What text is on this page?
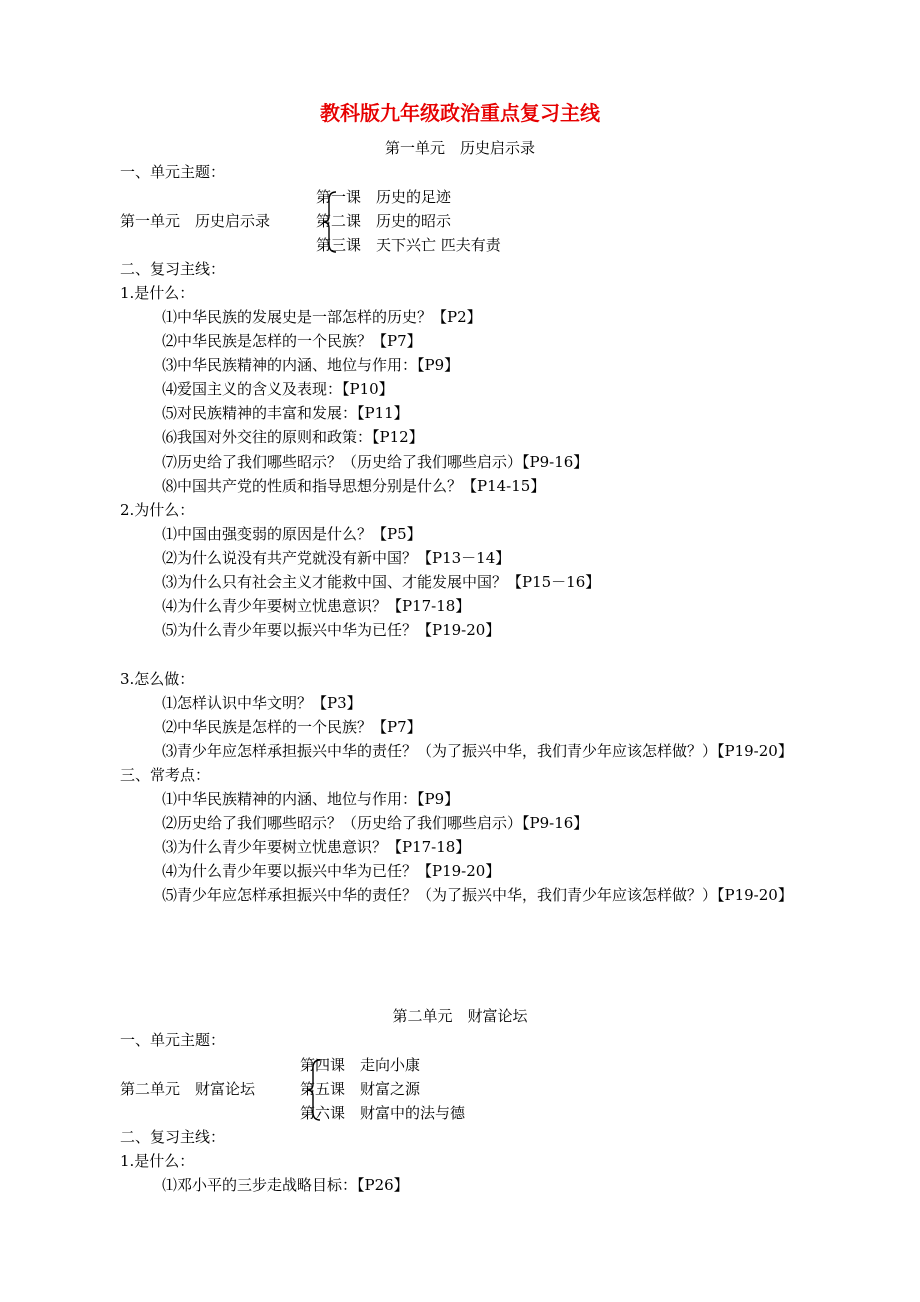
教科版九年级政治重点复习主线
第一单元　历史启示录
一、单元主题：
第一单元　历史启示录
第一课　历史的足迹
第二课　历史的昭示
第三课　天下兴亡 匹夫有责
二、复习主线：
1.是什么：
⑴中华民族的发展史是一部怎样的历史？【P2】
⑵中华民族是怎样的一个民族？【P7】
⑶中华民族精神的内涵、地位与作用：【P9】
⑷爱国主义的含义及表现：【P10】
⑸对民族精神的丰富和发展：【P11】
⑹我国对外交往的原则和政策：【P12】
⑺历史给了我们哪些昭示？（历史给了我们哪些启示）【P9-16】
⑻中国共产党的性质和指导思想分别是什么？【P14-15】
2.为什么：
⑴中国由强变弱的原因是什么？【P5】
⑵为什么说没有共产党就没有新中国？【P13－14】
⑶为什么只有社会主义才能救中国、才能发展中国？【P15－16】
⑷为什么青少年要树立忧患意识？【P17-18】
⑸为什么青少年要以振兴中华为已任？【P19-20】
3.怎么做：
⑴怎样认识中华文明？【P3】
⑵中华民族是怎样的一个民族？【P7】
⑶青少年应怎样承担振兴中华的责任？（为了振兴中华，我们青少年应该怎样做？）【P19-20】
三、常考点：
⑴中华民族精神的内涵、地位与作用：【P9】
⑵历史给了我们哪些昭示？（历史给了我们哪些启示）【P9-16】
⑶为什么青少年要树立忧患意识？【P17-18】
⑷为什么青少年要以振兴中华为已任？【P19-20】
⑸青少年应怎样承担振兴中华的责任？（为了振兴中华，我们青少年应该怎样做？）【P19-20】
第二单元　财富论坛
一、单元主题：
第二单元　财富论坛
第四课　走向小康
第五课　财富之源
第六课　财富中的法与德
二、复习主线：
1.是什么：
⑴邓小平的三步走战略目标：【P26】
